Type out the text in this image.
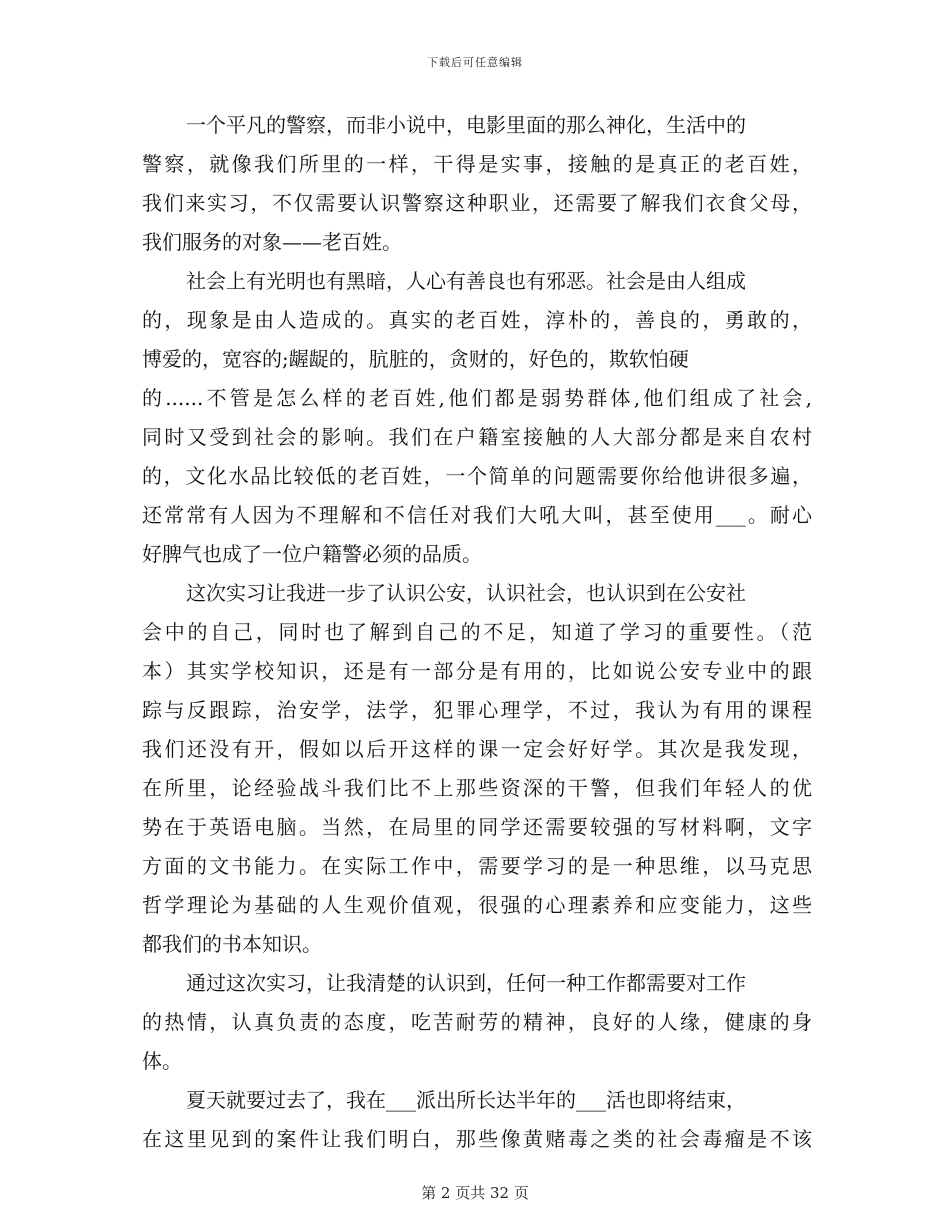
下载后可任意编辑
一个平凡的警察，而非小说中，电影里面的那么神化，生活中的
警察，就像我们所里的一样，干得是实事，接触的是真正的老百姓，
我们来实习，不仅需要认识警察这种职业，还需要了解我们衣食父母，
我们服务的对象——老百姓。
社会上有光明也有黑暗，人心有善良也有邪恶。社会是由人组成
的，现象是由人造成的。真实的老百姓，淳朴的，善良的，勇敢的，
博爱的，宽容的;龌龊的，肮脏的，贪财的，好色的，欺软怕硬
的......不管是怎么样的老百姓,他们都是弱势群体,他们组成了社会,
同时又受到社会的影响。我们在户籍室接触的人大部分都是来自农村
的，文化水品比较低的老百姓，一个简单的问题需要你给他讲很多遍，
还常常有人因为不理解和不信任对我们大吼大叫，甚至使用___。耐心
好脾气也成了一位户籍警必须的品质。
这次实习让我进一步了认识公安，认识社会，也认识到在公安社
会中的自己，同时也了解到自己的不足，知道了学习的重要性。（范
本）其实学校知识，还是有一部分是有用的，比如说公安专业中的跟
踪与反跟踪，治安学，法学，犯罪心理学，不过，我认为有用的课程
我们还没有开，假如以后开这样的课一定会好好学。其次是我发现，
在所里，论经验战斗我们比不上那些资深的干警，但我们年轻人的优
势在于英语电脑。当然，在局里的同学还需要较强的写材料啊，文字
方面的文书能力。在实际工作中，需要学习的是一种思维，以马克思
哲学理论为基础的人生观价值观，很强的心理素养和应变能力，这些
都我们的书本知识。
通过这次实习，让我清楚的认识到，任何一种工作都需要对工作
的热情，认真负责的态度，吃苦耐劳的精神，良好的人缘，健康的身
体。
夏天就要过去了，我在___派出所长达半年的___活也即将结束，
在这里见到的案件让我们明白，那些像黄赌毒之类的社会毒瘤是不该
第 2 页共 32 页
